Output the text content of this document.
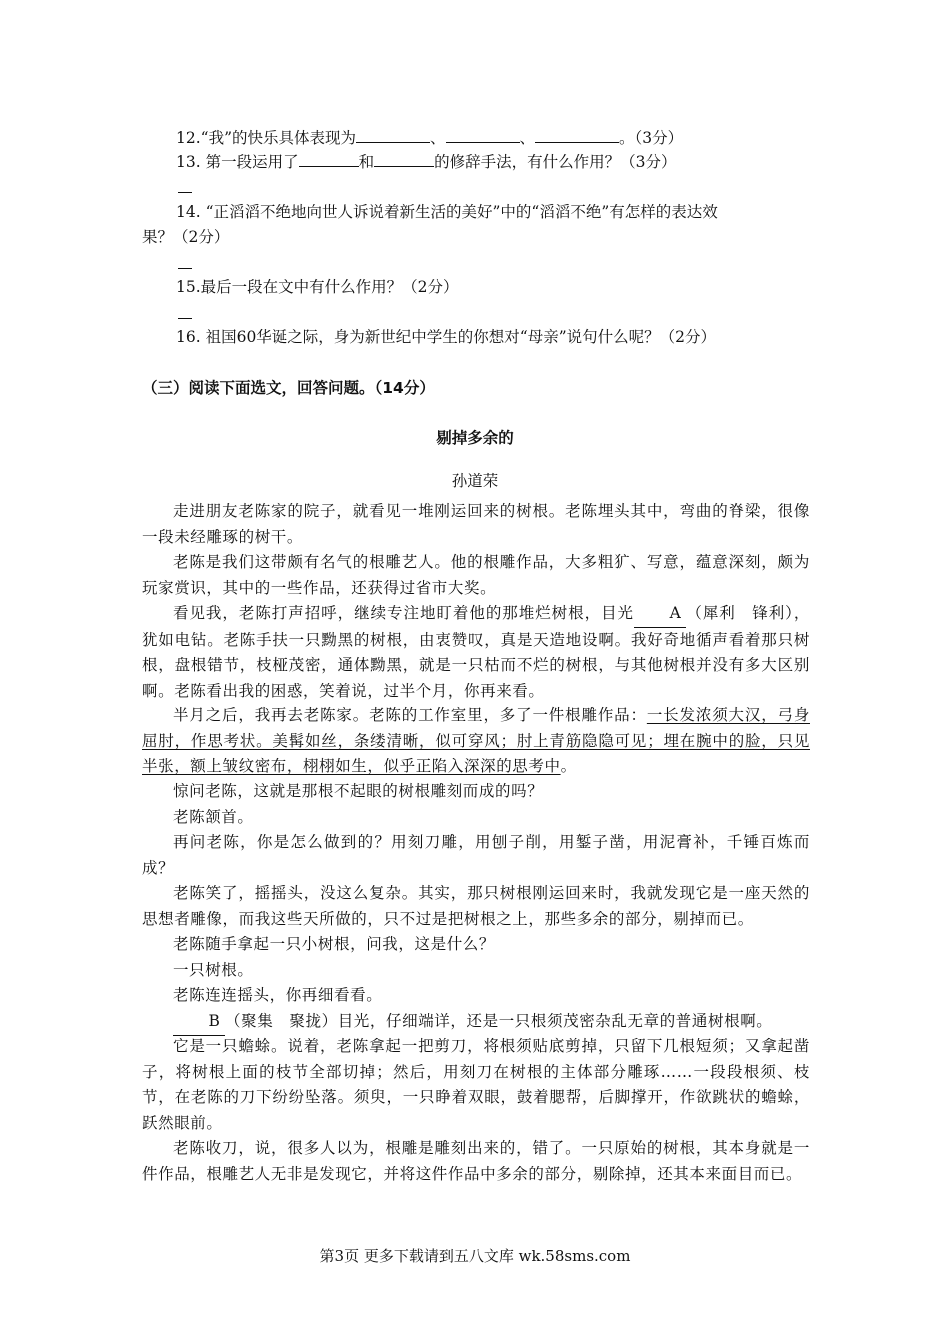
12.“我”的快乐具体表现为	、	、	。（3分）
13. 第一段运用了	和	的修辞手法，有什么作用？（3分）
14. “正滔滔不绝地向世人诉说着新生活的美好”中的“滔滔不绝”有怎样的表达效
果？（2分）
15.最后一段在文中有什么作用？（2分）
16. 祖国60华诞之际，身为新世纪中学生的你想对“母亲”说句什么呢？（2分）
（三）阅读下面选文，回答问题。（14分）
剔掉多余的
孙道荣
走进朋友老陈家的院子，就看见一堆刚运回来的树根。老陈埋头其中，弯曲的脊梁，很像一段未经雕琢的树干。
老陈是我们这带颇有名气的根雕艺人。他的根雕作品，大多粗犷、写意，蕴意深刻，颇为玩家赏识，其中的一些作品，还获得过省市大奖。
看见我，老陈打声招呼，继续专注地盯着他的那堆烂树根，目光 A （犀利　锋利），犹如电钻。老陈手扶一只黝黑的树根，由衷赞叹，真是天造地设啊。我好奇地循声看着那只树根，盘根错节，枝桠茂密，通体黝黑，就是一只枯而不烂的树根，与其他树根并没有多大区别啊。老陈看出我的困惑，笑着说，过半个月，你再来看。
半月之后，我再去老陈家。老陈的工作室里，多了一件根雕作品：一长发浓须大汉，弓身屈肘，作思考状。美髯如丝，条缕清晰，似可穿风；肘上青筋隐隐可见；埋在腕中的脸，只见半张，额上皱纹密布，栩栩如生，似乎正陷入深深的思考中。
惊问老陈，这就是那根不起眼的树根雕刻而成的吗？
老陈颔首。
再问老陈，你是怎么做到的？用刻刀雕，用刨子削，用錾子凿，用泥膏补，千锤百炼而成？
老陈笑了，摇摇头，没这么复杂。其实，那只树根刚运回来时，我就发现它是一座天然的思想者雕像，而我这些天所做的，只不过是把树根之上，那些多余的部分，剔掉而已。
老陈随手拿起一只小树根，问我，这是什么？
一只树根。
老陈连连摇头，你再细看看。
B （聚集　聚拢）目光，仔细端详，还是一只根须茂密杂乱无章的普通树根啊。
它是一只蟾蜍。说着，老陈拿起一把剪刀，将根须贴底剪掉，只留下几根短须；又拿起凿子，将树根上面的枝节全部切掉；然后，用刻刀在树根的主体部分雕琢……一段段根须、枝节，在老陈的刀下纷纷坠落。须臾，一只睁着双眼，鼓着腮帮，后脚撑开，作欲跳状的蟾蜍，跃然眼前。
老陈收刀，说，很多人以为，根雕是雕刻出来的，错了。一只原始的树根，其本身就是一件作品，根雕艺人无非是发现它，并将这件作品中多余的部分，剔除掉，还其本来面目而已。
第3页 更多下载请到五八文库 wk.58sms.com
